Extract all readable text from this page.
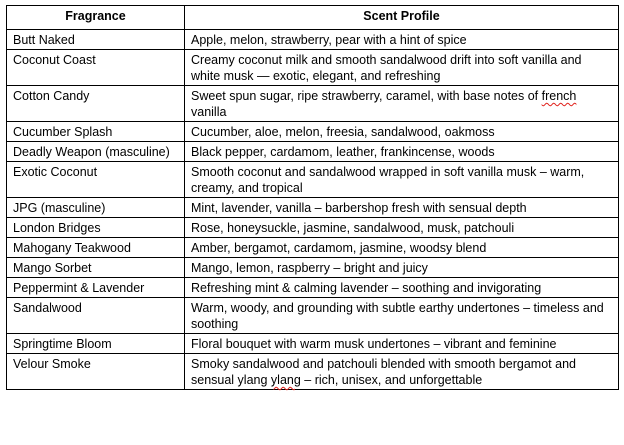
Fragrance	Scent Profile
Butt Naked	Apple, melon, strawberry, pear with a hint of spice
Coconut Coast	Creamy coconut milk and smooth sandalwood drift into soft vanilla and white musk — exotic, elegant, and refreshing
Cotton Candy	Sweet spun sugar, ripe strawberry, caramel, with base notes of french vanilla
Cucumber Splash	Cucumber, aloe, melon, freesia, sandalwood, oakmoss
Deadly Weapon (masculine)	Black pepper, cardamom, leather, frankincense, woods
Exotic Coconut	Smooth coconut and sandalwood wrapped in soft vanilla musk – warm, creamy, and tropical
JPG (masculine)	Mint, lavender, vanilla – barbershop fresh with sensual depth
London Bridges	Rose, honeysuckle, jasmine, sandalwood, musk, patchouli
Mahogany Teakwood	Amber, bergamot, cardamom, jasmine, woodsy blend
Mango Sorbet	Mango, lemon, raspberry – bright and juicy
Peppermint & Lavender	Refreshing mint & calming lavender – soothing and invigorating
Sandalwood	Warm, woody, and grounding with subtle earthy undertones – timeless and soothing
Springtime Bloom	Floral bouquet with warm musk undertones – vibrant and feminine
Velour Smoke	Smoky sandalwood and patchouli blended with smooth bergamot and sensual ylang ylang – rich, unisex, and unforgettable
